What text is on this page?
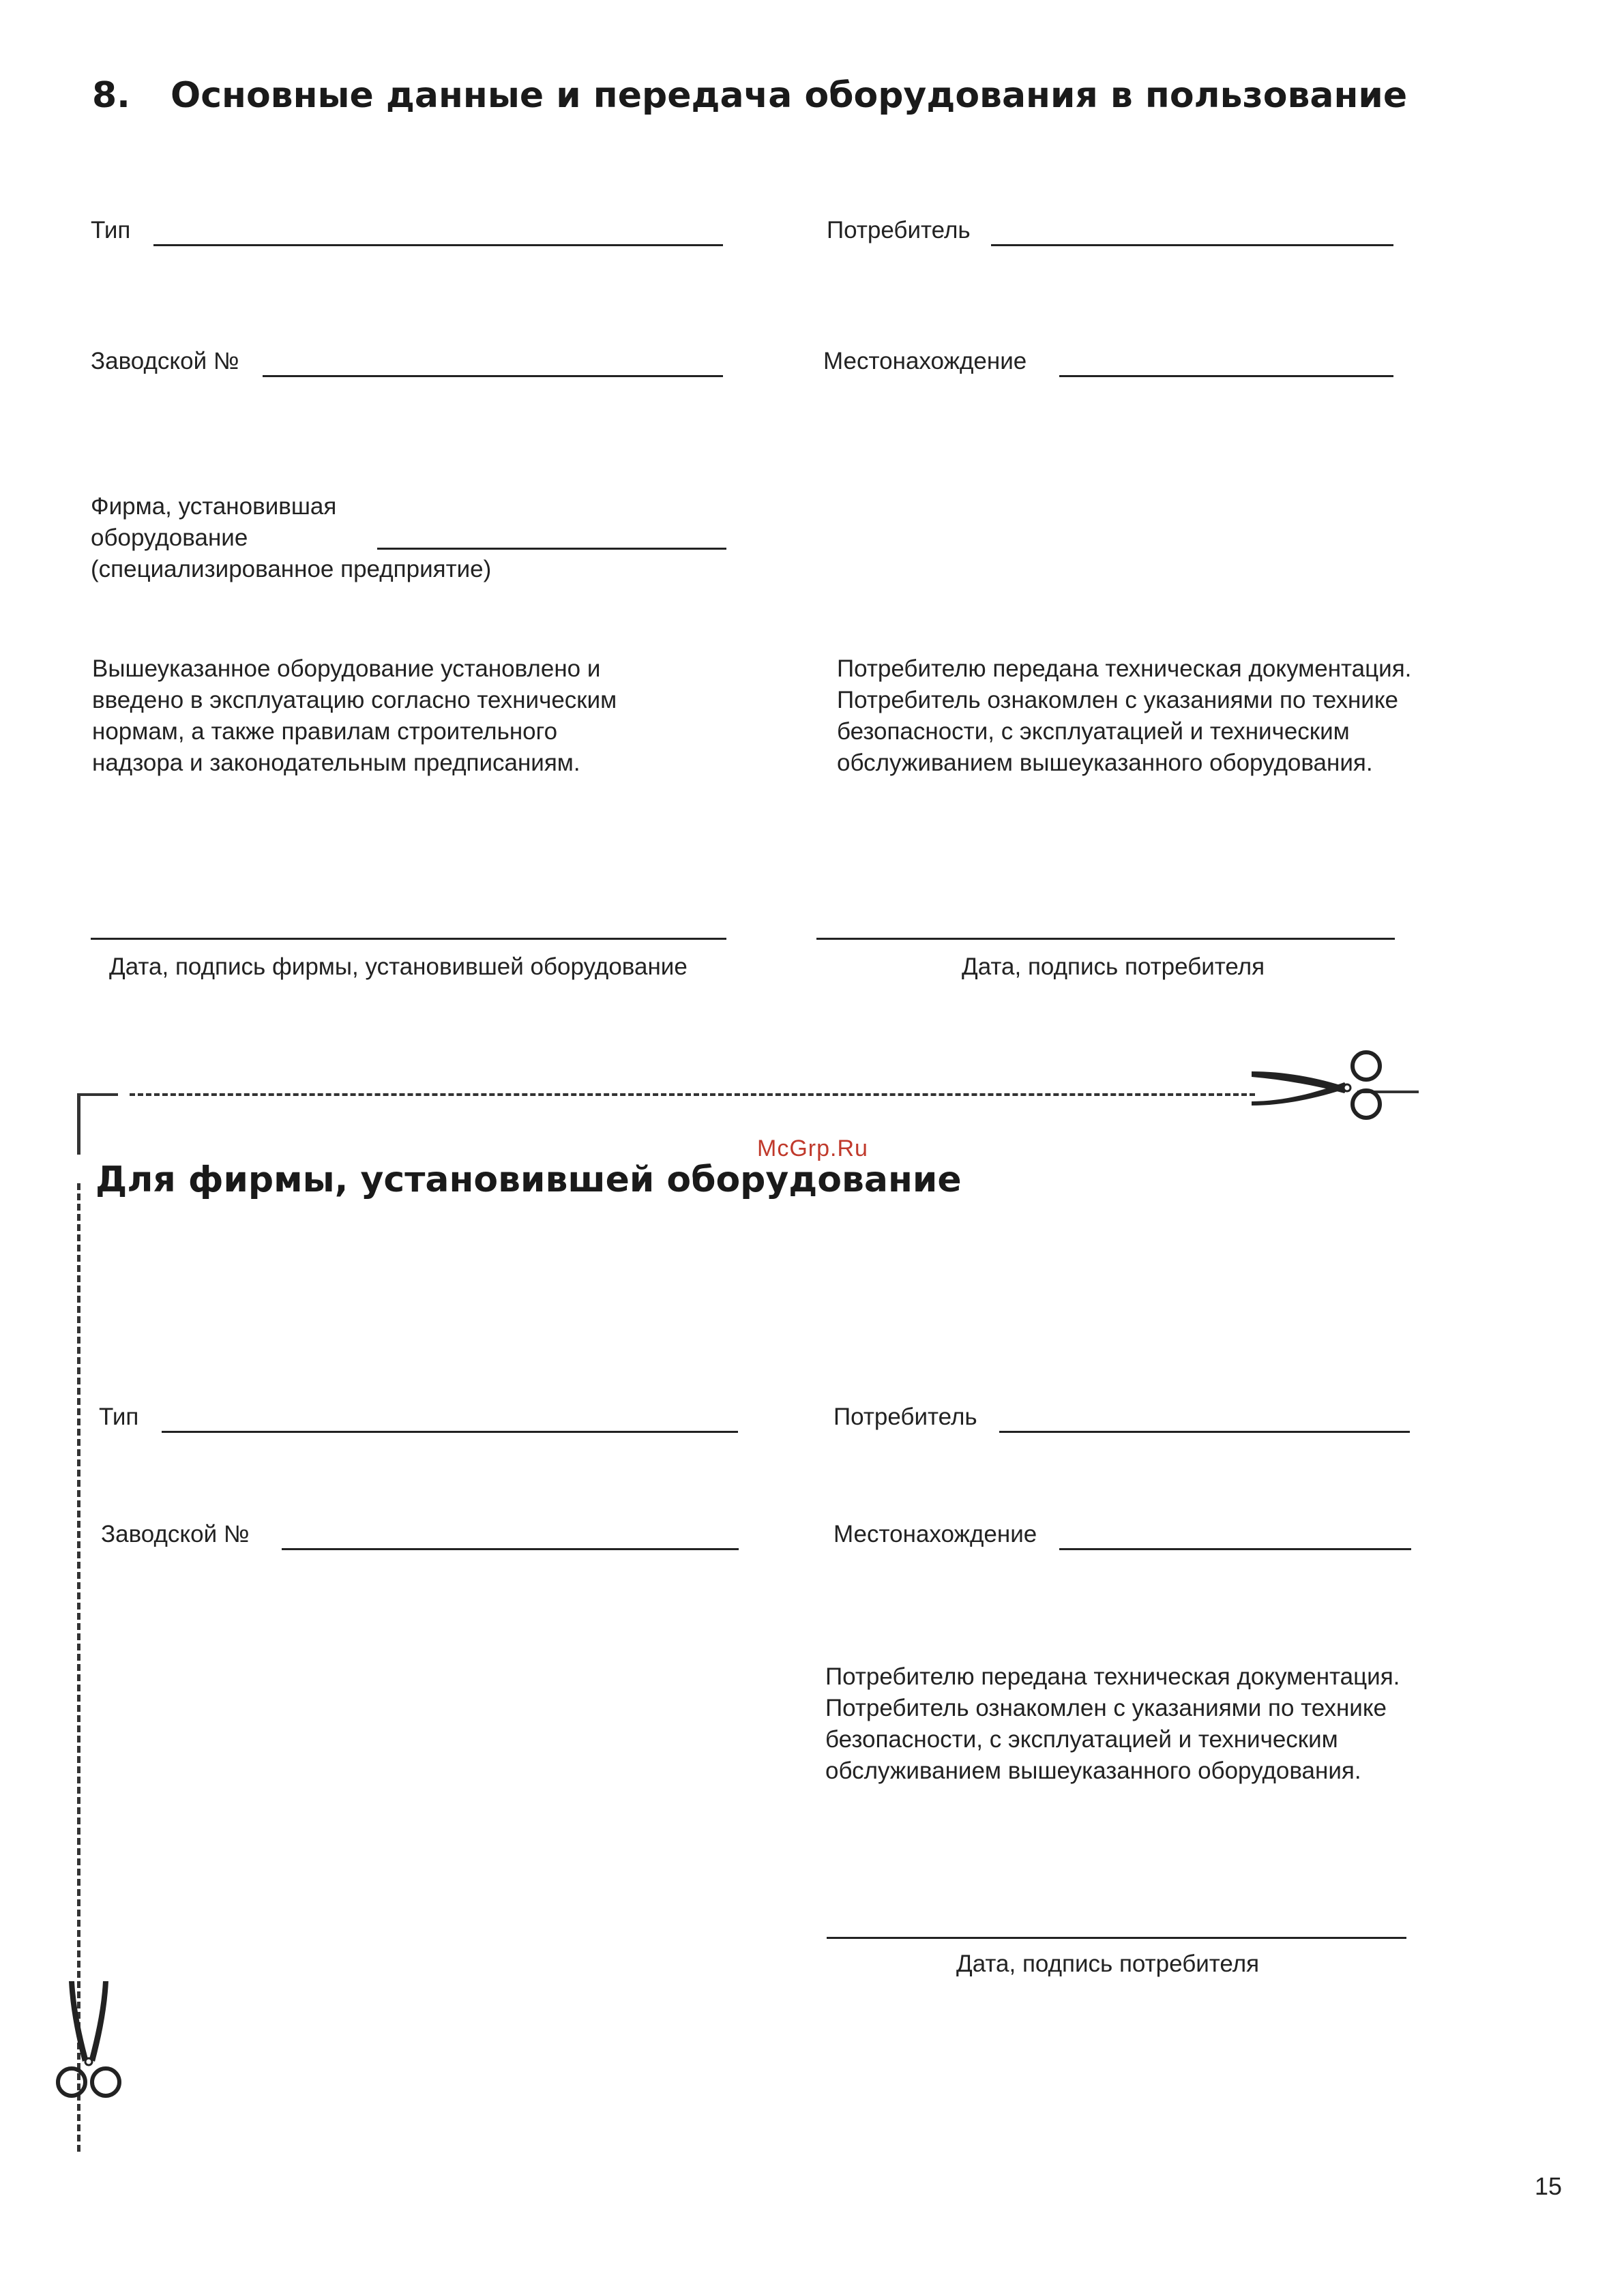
8. Основные данные и передача оборудования в пользование
Тип	Потребитель
Заводской №	Местонахождение
Фирма, установившая
оборудование
(специализированное предприятие)
Вышеуказанное оборудование установлено и
введено в эксплуатацию согласно техническим
нормам, а также правилам строительного
надзора и законодательным предписаниям.
Потребителю передана техническая документация.
Потребитель ознакомлен с указаниями по технике
безопасности, с эксплуатацией и техническим
обслуживанием вышеуказанного оборудования.
Дата, подпись фирмы, установившей оборудование	Дата, подпись потребителя
McGrp.Ru
Для фирмы, установившей оборудование
Тип	Потребитель
Заводской №	Местонахождение
Потребителю передана техническая документация.
Потребитель ознакомлен с указаниями по технике
безопасности, с эксплуатацией и техническим
обслуживанием вышеуказанного оборудования.
Дата, подпись потребителя
15
